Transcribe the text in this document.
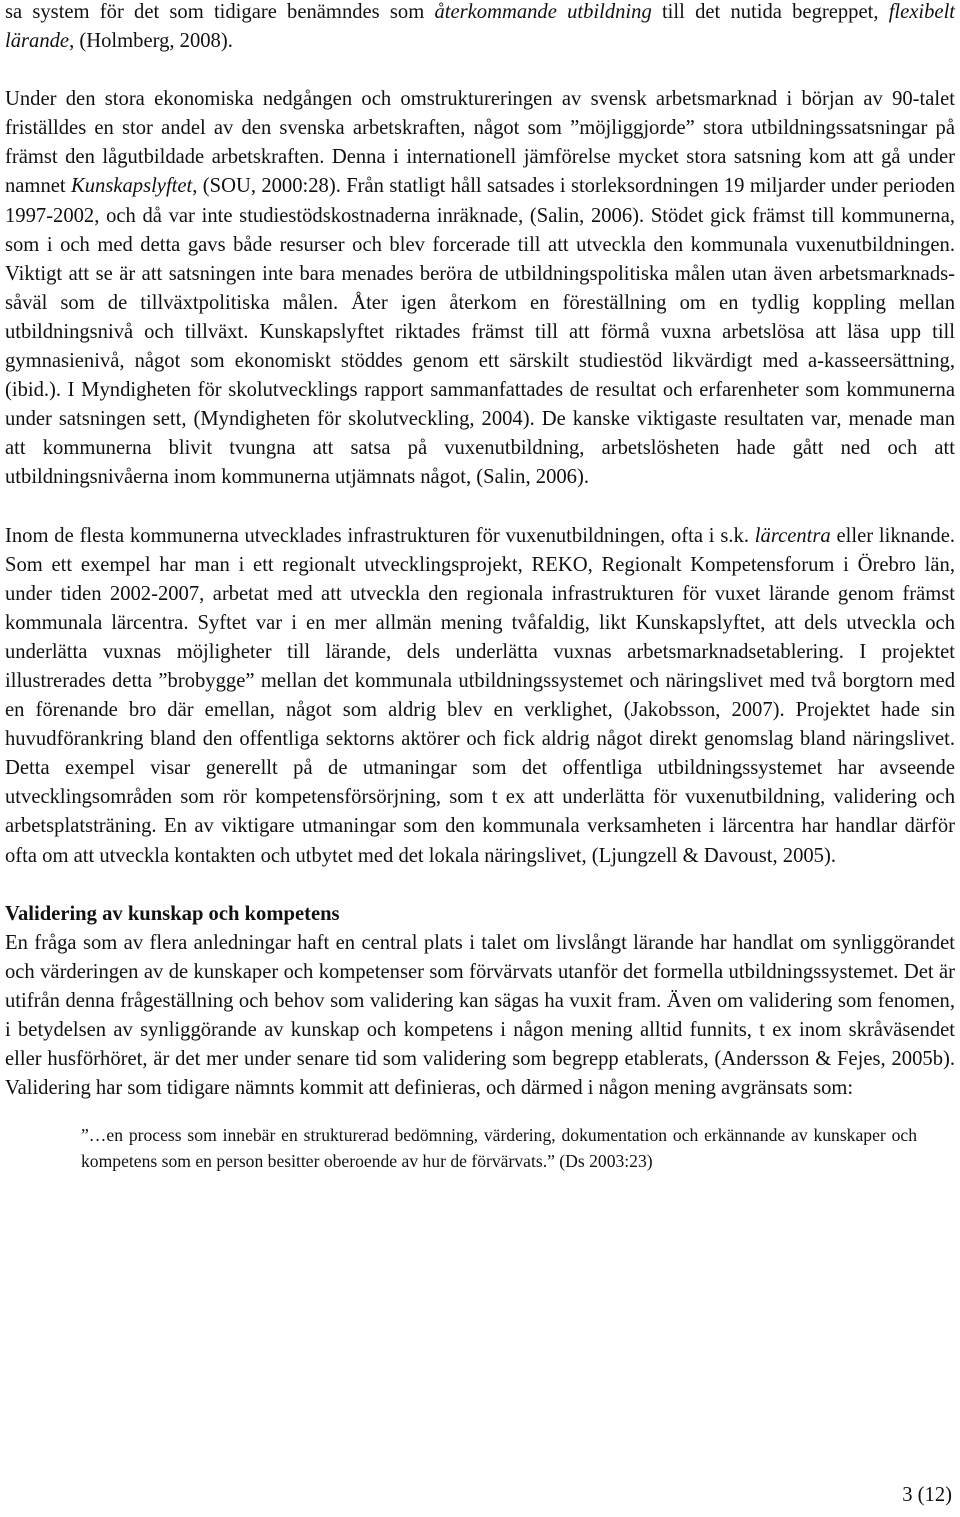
sa system för det som tidigare benämndes som återkommande utbildning till det nutida begreppet, flexibelt lärande, (Holmberg, 2008).

Under den stora ekonomiska nedgången och omstruktureringen av svensk arbetsmarknad i början av 90-talet friställdes en stor andel av den svenska arbetskraften, något som ”möjliggjorde” stora utbildningssatsningar på främst den lågutbildade arbetskraften. Denna i internationell jämförelse mycket stora satsning kom att gå under namnet Kunskapslyftet, (SOU, 2000:28). Från statligt håll satsades i storleksordningen 19 miljarder under perioden 1997-2002, och då var inte studiestödskostnaderna inräknade, (Salin, 2006). Stödet gick främst till kommunerna, som i och med detta gavs både resurser och blev forcerade till att utveckla den kommunala vuxenutbildningen. Viktigt att se är att satsningen inte bara menades beröra de utbildningspolitiska målen utan även arbetsmarknads- såväl som de tillväxtpolitiska målen. Åter igen återkom en föreställning om en tydlig koppling mellan utbildningsnivå och tillväxt. Kunskapslyftet riktades främst till att förmå vuxna arbetslösa att läsa upp till gymnasienivå, något som ekonomiskt stöddes genom ett särskilt studiestöd likvärdigt med a-kasseersättning, (ibid.). I Myndigheten för skolutvecklings rapport sammanfattades de resultat och erfarenheter som kommunerna under satsningen sett, (Myndigheten för skolutveckling, 2004). De kanske viktigaste resultaten var, menade man att kommunerna blivit tvungna att satsa på vuxenutbildning, arbetslösheten hade gått ned och att utbildningsnivåerna inom kommunerna utjämnats något, (Salin, 2006).

Inom de flesta kommunerna utvecklades infrastrukturen för vuxenutbildningen, ofta i s.k. lärcentra eller liknande. Som ett exempel har man i ett regionalt utvecklingsprojekt, REKO, Regionalt Kompetensforum i Örebro län, under tiden 2002-2007, arbetat med att utveckla den regionala infrastrukturen för vuxet lärande genom främst kommunala lärcentra. Syftet var i en mer allmän mening tvåfaldig, likt Kunskapslyftet, att dels utveckla och underlätta vuxnas möjligheter till lärande, dels underlätta vuxnas arbetsmarknadsetablering. I projektet illustrerades detta ”brobygge” mellan det kommunala utbildningssystemet och näringslivet med två borgtorn med en förenande bro där emellan, något som aldrig blev en verklighet, (Jakobsson, 2007). Projektet hade sin huvudförankring bland den offentliga sektorns aktörer och fick aldrig något direkt genomslag bland näringslivet. Detta exempel visar generellt på de utmaningar som det offentliga utbildningssystemet har avseende utvecklingsområden som rör kompetensförsörjning, som t ex att underlätta för vuxenutbildning, validering och arbetsplatsträning. En av viktigare utmaningar som den kommunala verksamheten i lärcentra har handlar därför ofta om att utveckla kontakten och utbytet med det lokala näringslivet, (Ljungzell & Davoust, 2005).

Validering av kunskap och kompetens

En fråga som av flera anledningar haft en central plats i talet om livslångt lärande har handlat om synliggörandet och värderingen av de kunskaper och kompetenser som förvärvats utanför det formella utbildningssystemet. Det är utifrån denna frågeställning och behov som validering kan sägas ha vuxit fram. Även om validering som fenomen, i betydelsen av synliggörande av kunskap och kompetens i någon mening alltid funnits, t ex inom skråväsendet eller husförhöret, är det mer under senare tid som validering som begrepp etablerats, (Andersson & Fejes, 2005b). Validering har som tidigare nämnts kommit att definieras, och därmed i någon mening avgränsats som:

”…en process som innebär en strukturerad bedömning, värdering, dokumentation och erkännande av kunskaper och kompetens som en person besitter oberoende av hur de förvärvats.” (Ds 2003:23)

3 (12)
